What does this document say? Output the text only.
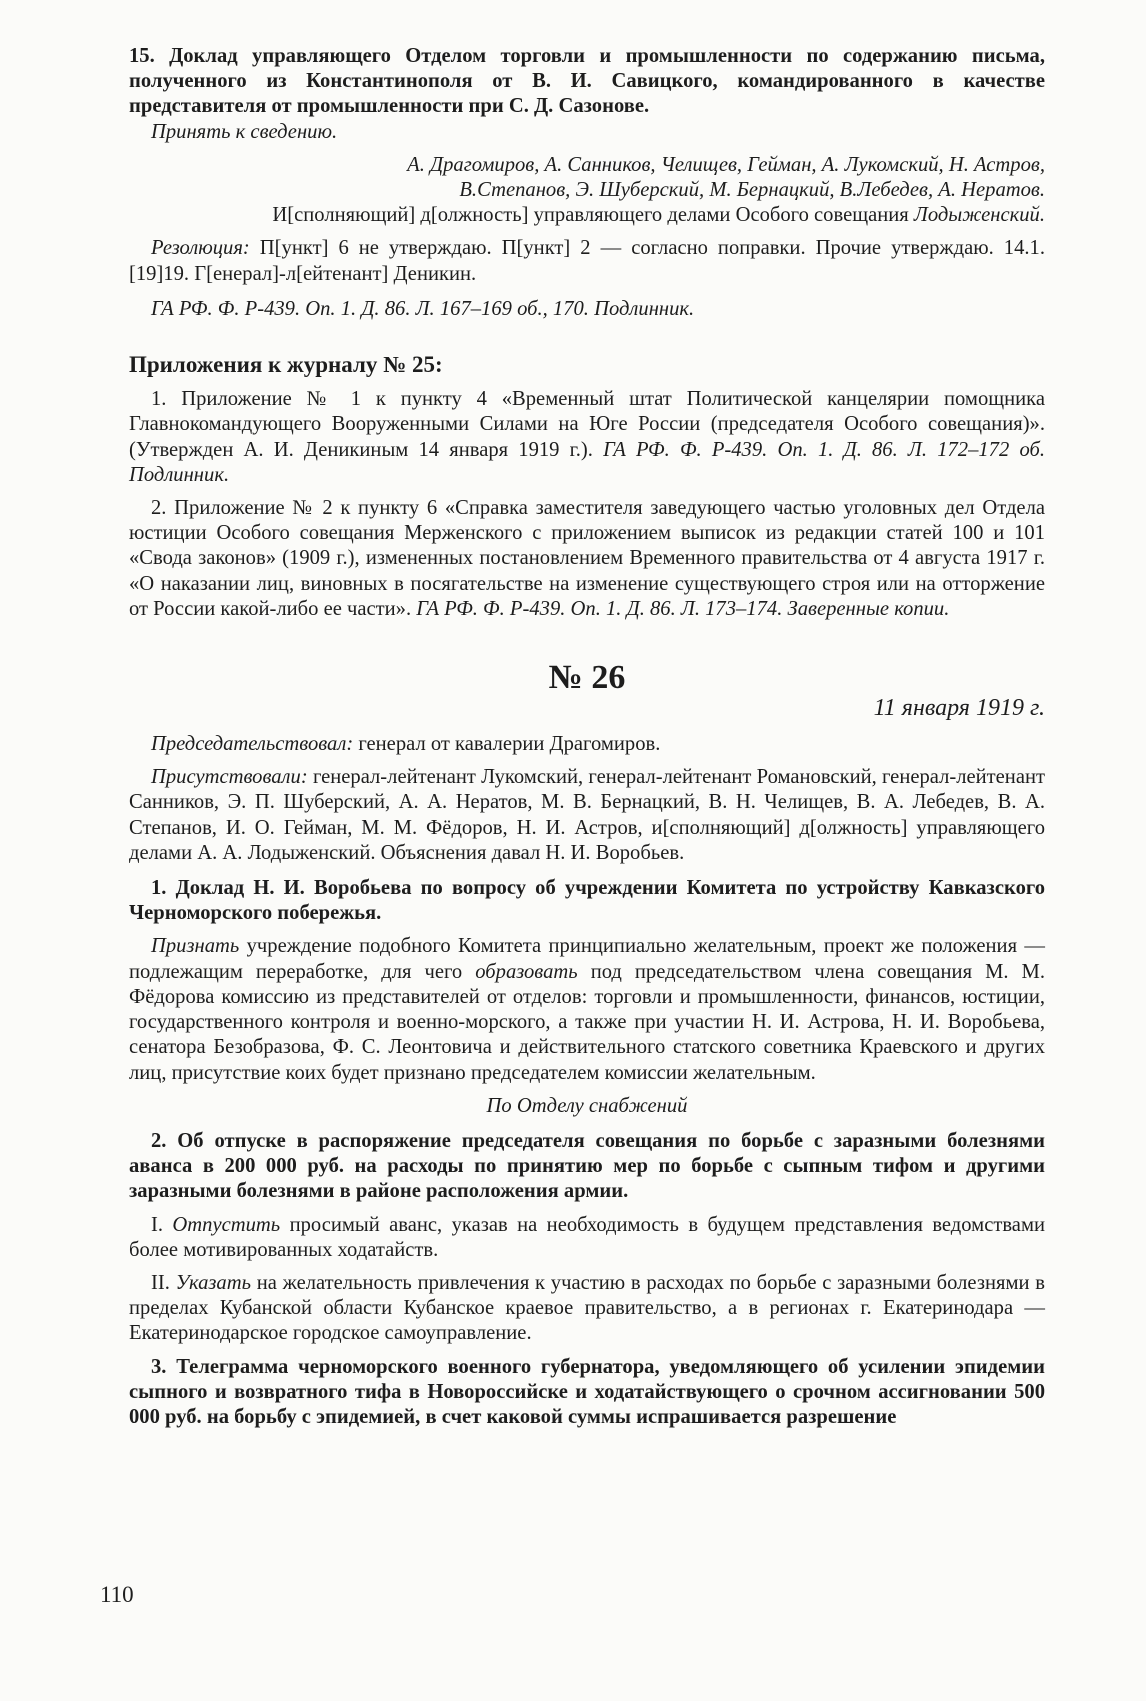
15. Доклад управляющего Отделом торговли и промышленности по содержанию письма, полученного из Константинополя от В. И. Савицкого, командированного в качестве представителя от промышленности при С. Д. Сазонове.

Принять к сведению.

А. Драгомиров, А. Санников, Челищев, Гейман, А. Лукомский, Н. Астров,

В.Степанов, Э. Шуберский, М. Бернацкий, В.Лебедев, А. Нератов.

И[сполняющий] д[олжность] управляющего делами Особого совещания Лодыженский.

Резолюция: П[ункт] 6 не утверждаю. П[ункт] 2 — согласно поправки. Прочие утверждаю. 14.1.[19]19. Г[енерал]-л[ейтенант] Деникин.

ГА РФ. Ф. Р-439. Оп. 1. Д. 86. Л. 167–169 об., 170. Подлинник.

Приложения к журналу № 25:

1. Приложение № 1 к пункту 4 «Временный штат Политической канцелярии помощника Главнокомандующего Вооруженными Силами на Юге России (председателя Особого совещания)». (Утвержден А. И. Деникиным 14 января 1919 г.). ГА РФ. Ф. Р-439. Оп. 1. Д. 86. Л. 172–172 об. Подлинник.

2. Приложение № 2 к пункту 6 «Справка заместителя заведующего частью уголовных дел Отдела юстиции Особого совещания Мерженского с приложением выписок из редакции статей 100 и 101 «Свода законов» (1909 г.), измененных постановлением Временного правительства от 4 августа 1917 г. «О наказании лиц, виновных в посягательстве на изменение существующего строя или на отторжение от России какой-либо ее части». ГА РФ. Ф. Р-439. Оп. 1. Д. 86. Л. 173–174. Заверенные копии.

№ 26

11 января 1919 г.

Председательствовал: генерал от кавалерии Драгомиров.

Присутствовали: генерал-лейтенант Лукомский, генерал-лейтенант Романовский, генерал-лейтенант Санников, Э. П. Шуберский, А. А. Нератов, М. В. Бернацкий, В. Н. Челищев, В. А. Лебедев, В. А. Степанов, И. О. Гейман, М. М. Фёдоров, Н. И. Астров, и[сполняющий] д[олжность] управляющего делами А. А. Лодыженский. Объяснения давал Н. И. Воробьев.

1. Доклад Н. И. Воробьева по вопросу об учреждении Комитета по устройству Кавказского Черноморского побережья.

Признать учреждение подобного Комитета принципиально желательным, проект же положения — подлежащим переработке, для чего образовать под председательством члена совещания М. М. Фёдорова комиссию из представителей от отделов: торговли и промышленности, финансов, юстиции, государственного контроля и военно-морского, а также при участии Н. И. Астрова, Н. И. Воробьева, сенатора Безобразова, Ф. С. Леонтовича и действительного статского советника Краевского и других лиц, присутствие коих будет признано председателем комиссии желательным.

По Отделу снабжений

2. Об отпуске в распоряжение председателя совещания по борьбе с заразными болезнями аванса в 200 000 руб. на расходы по принятию мер по борьбе с сыпным тифом и другими заразными болезнями в районе расположения армии.

I. Отпустить просимый аванс, указав на необходимость в будущем представления ведомствами более мотивированных ходатайств.

II. Указать на желательность привлечения к участию в расходах по борьбе с заразными болезнями в пределах Кубанской области Кубанское краевое правительство, а в регионах г. Екатеринодара — Екатеринодарское городское самоуправление.

3. Телеграмма черноморского военного губернатора, уведомляющего об усилении эпидемии сыпного и возвратного тифа в Новороссийске и ходатайствующего о срочном ассигновании 500 000 руб. на борьбу с эпидемией, в счет каковой суммы испрашивается разрешение

110
